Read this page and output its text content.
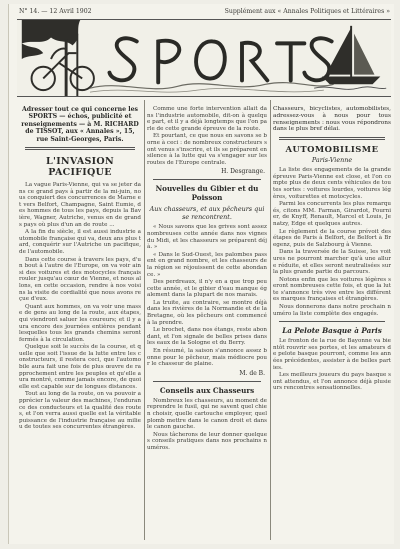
N° 14. — 12 Avril 1902	Supplément aux « Annales Politiques et Littéraires »
Adresser tout ce qui concerne les SPORTS — échos, publicité et renseignements — à M. RICHARD de TISSOT, aux « Annales », 15, rue Saint-Georges, Paris.
L'INVASION PACIFIQUE

La vague Paris-Vienne, qui va se jeter dans ce grand pays à partir de la mi-juin, nous conquiert des concurrences de Marne et vers Belfort, Champagne, Saint Eumie, des hommes de tous les pays, depuis la Bavière, Wagner, Autriche, venus en de grands pays où plus d'un an de route ...

A la fin du siècle, il est aussi industrie automobile française qui va, deux ans plus tard, conquérir sur l'Autriche un pacifique, de l'automobile.

Dans cette course à travers les pays, d'un bout à l'autre de l'Europe, on va voir ainsi des voitures et des motocycles français rouler jusqu'au cœur de Vienne, et nous allons, en cette occasion, rendre à nos voisins la visite de cordialité que nous avons reçue d'eux.

Quant aux hommes, on va voir une masse de gens au long de la route, aux étapes, qui viendront saluer les coureurs; et il y aura encore des journées entières pendant lesquelles tous les grands chemins seront fermés à la circulation.

Quelque soit le succès de la course, et quelle que soit l'issue de la lutte entre les constructeurs, il restera ceci, que l'automobile aura fait une fois de plus œuvre de rapprochement entre les peuples et qu'elle aura montré, comme jamais encore, de quoi elle est capable sur de longues distances.

Tout au long de la route, on va pouvoir apprécier la valeur des machines, l'endurance des conducteurs et la qualité des routes, et l'on verra aussi quelle est la véritable puissance de l'industrie française au milieu de toutes ses concurrentes étrangères.

Comme une forte intervention allait dans l'industrie automobile, dit-on à quelque part, et il y a déjà longtemps que l'on parle de cette grande épreuve de la route.

Et pourtant, ce que nous en savons se borne à ceci : de nombreux constructeurs sont venus s'inscrire, et ils se préparent en silence à la lutte qui va s'engager sur les routes de l'Europe centrale.

H. Desgrange.
Nouvelles du Gibier et du Poisson
Aux chasseurs, et aux pêcheurs qui se rencontrent.

« Nous savons que les grives sont assez nombreuses cette année dans nos vignes du Midi, et les chasseurs se préparent déjà. »

« Dans le Sud-Ouest, les palombes passent en grand nombre, et les chasseurs de la région se réjouissent de cette abondance. »

Des perdreaux, il n'y en a que trop peu cette année, et le gibier d'eau manque également dans la plupart de nos marais.

La truite, au contraire, se montre déjà dans les rivières de la Normandie et de la Bretagne, où les pêcheurs ont commencé à la prendre.

Le brochet, dans nos étangs, reste abondant, et l'on signale de belles prises dans les eaux de la Sologne et du Berry.

En résumé, la saison s'annonce assez bonne pour le pêcheur, mais médiocre pour le chasseur de plaine.

M. de B.
Conseils aux Chasseurs

Nombreux les chasseurs, au moment de reprendre le fusil, qui ne savent quel chien choisir, quelle cartouche employer, quel plomb mettre dans le canon droit et dans le canon gauche.

Nous tâcherons de leur donner quelques conseils pratiques dans nos prochains numéros.

Chasseurs, bicyclistes, automobilistes, adressez-vous à nous pour tous renseignements : nous vous répondrons dans le plus bref délai.

AUTOMOBILISME
Paris-Vienne

La liste des engagements de la grande épreuve Paris-Vienne est close, et l'on compte plus de deux cents véhicules de toutes sortes : voitures lourdes, voitures légères, voiturettes et motocycles.

Parmi les concurrents les plus remarqués, citons MM. Farman, Girardot, Fournier, de Knyff, Renault, Marcel et Louis, Jenatzy, Edge et quelques autres.

Le règlement de la course prévoit des étapes de Paris à Belfort, de Belfort à Bregenz, puis de Salzbourg à Vienne.

Dans la traversée de la Suisse, les voitures ne pourront marcher qu'à une allure réduite, et elles seront neutralisées sur la plus grande partie du parcours.

Notons enfin que les voitures légères seront nombreuses cette fois, et que la lutte s'annonce très vive entre les différentes marques françaises et étrangères.

Nous donnerons dans notre prochain numéro la liste complète des engagés.

La Pelote Basque à Paris

Le fronton de la rue de Bayonne va bientôt rouvrir ses portes, et les amateurs de pelote basque pourront, comme les années précédentes, assister à de belles parties.

Les meilleurs joueurs du pays basque sont attendus, et l'on annonce déjà plusieurs rencontres sensationnelles.
